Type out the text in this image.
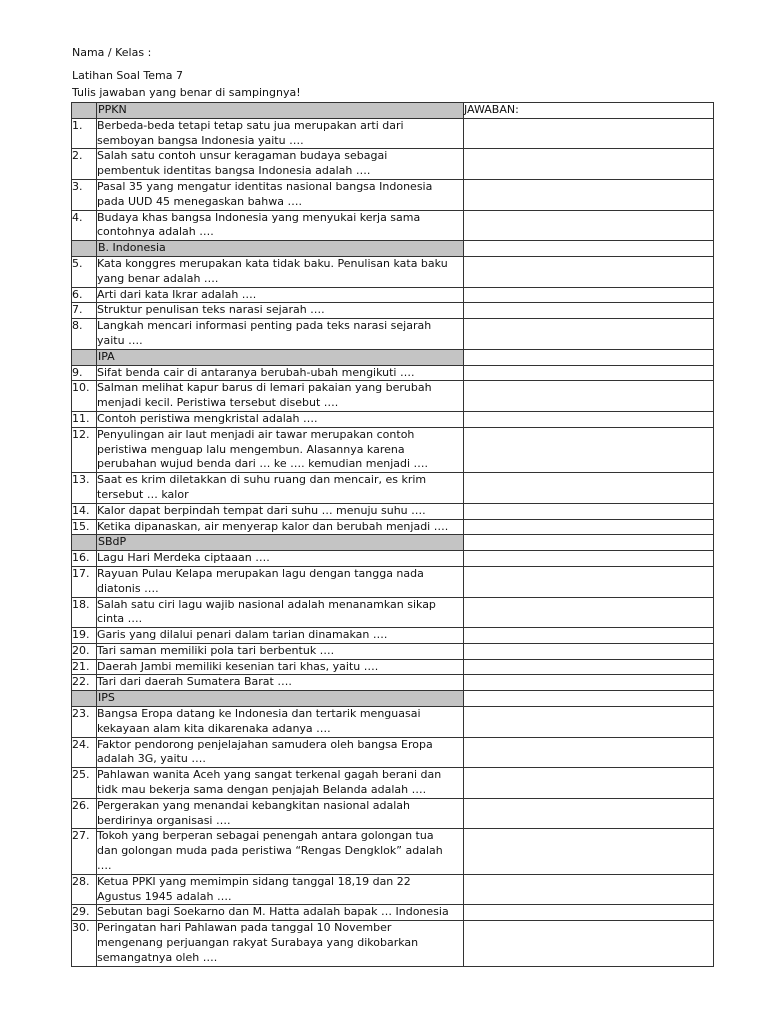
Nama / Kelas :
Latihan Soal Tema 7
Tulis jawaban yang benar di sampingnya!
	PPKN	JAWABAN:
1.	Berbeda-beda tetapi tetap satu jua merupakan arti dari
semboyan bangsa Indonesia yaitu ….	

2.	Salah satu contoh unsur keragaman budaya sebagai
pembentuk identitas bangsa Indonesia adalah ….	

3.	Pasal 35 yang mengatur identitas nasional bangsa Indonesia
pada UUD 45 menegaskan bahwa ….	

4.	Budaya khas bangsa Indonesia yang menyukai kerja sama
contohnya adalah ….	

	B. Indonesia	
5.	Kata konggres merupakan kata tidak baku. Penulisan kata baku
yang benar adalah ….	

6.	Arti dari kata Ikrar adalah ….	

7.	Struktur penulisan teks narasi sejarah ….	

8.	Langkah mencari informasi penting pada teks narasi sejarah
yaitu ….	

	IPA	
9.	Sifat benda cair di antaranya berubah-ubah mengikuti ….	

10.	Salman melihat kapur barus di lemari pakaian yang berubah
menjadi kecil. Peristiwa tersebut disebut ….	

11.	Contoh peristiwa mengkristal adalah ….	

12.	Penyulingan air laut menjadi air tawar merupakan contoh
peristiwa menguap lalu mengembun. Alasannya karena
perubahan wujud benda dari … ke …. kemudian menjadi ….	

13.	Saat es krim diletakkan di suhu ruang dan mencair, es krim
tersebut … kalor	

14.	Kalor dapat berpindah tempat dari suhu … menuju suhu ….	

15.	Ketika dipanaskan, air menyerap kalor dan berubah menjadi ….	

	SBdP	
16.	Lagu Hari Merdeka ciptaaan ….	

17.	Rayuan Pulau Kelapa merupakan lagu dengan tangga nada
diatonis ….	

18.	Salah satu ciri lagu wajib nasional adalah menanamkan sikap
cinta ….	

19.	Garis yang dilalui penari dalam tarian dinamakan ….	

20.	Tari saman memiliki pola tari berbentuk ….	

21.	Daerah Jambi memiliki kesenian tari khas, yaitu ….	

22.	Tari dari daerah Sumatera Barat ….	

	IPS	
23.	Bangsa Eropa datang ke Indonesia dan tertarik menguasai
kekayaan alam kita dikarenaka adanya ….	

24.	Faktor pendorong penjelajahan samudera oleh bangsa Eropa
adalah 3G, yaitu ….	

25.	Pahlawan wanita Aceh yang sangat terkenal gagah berani dan
tidk mau bekerja sama dengan penjajah Belanda adalah ….	

26.	Pergerakan yang menandai kebangkitan nasional adalah
berdirinya organisasi ….	

27.	Tokoh yang berperan sebagai penengah antara golongan tua
dan golongan muda pada peristiwa “Rengas Dengklok” adalah
….	

28.	Ketua PPKI yang memimpin sidang tanggal 18,19 dan 22
Agustus 1945 adalah ….	

29.	Sebutan bagi Soekarno dan M. Hatta adalah bapak … Indonesia	

30.	Peringatan hari Pahlawan pada tanggal 10 November
mengenang perjuangan rakyat Surabaya yang dikobarkan
semangatnya oleh ….	
